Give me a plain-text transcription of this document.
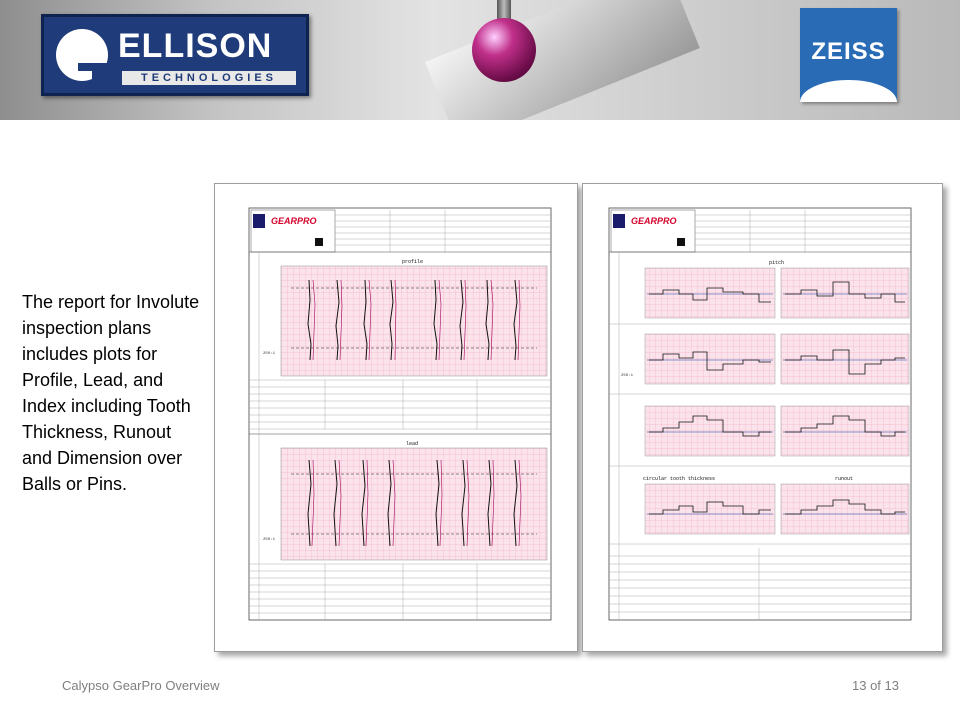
ELLISON
TECHNOLOGIES
ZEISS
The report for Involute inspection plans includes plots for Profile, Lead, and Index including Tooth Thickness, Runout and Dimension over Balls or Pins.
GEARPRO
profile
250:1
lead
250:1
GEARPRO
pitch
circular tooth thickness	runout
250:1
Calypso GearPro Overview	13 of 13
